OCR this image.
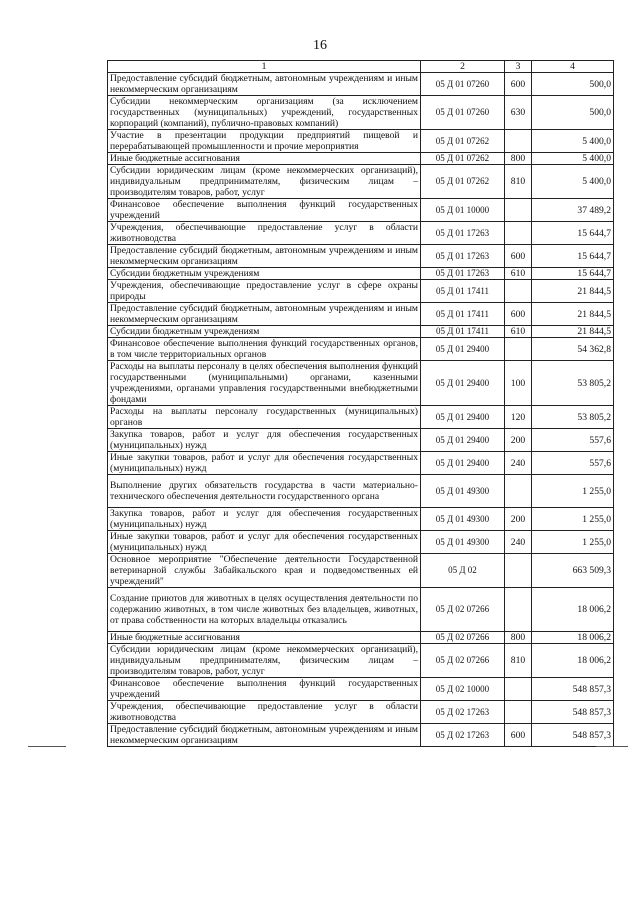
16
1	2	3	4
Предоставление субсидий бюджетным, автономным учреждениям и иным некоммерческим организациям	05 Д 01 07260	600	500,0
Субсидии некоммерческим организациям (за исключением государственных (муниципальных) учреждений, государственных корпораций (компаний), публично-правовых компаний)	05 Д 01 07260	630	500,0
Участие в презентации продукции предприятий пищевой и перерабатывающей промышленности и прочие мероприятия	05 Д 01 07262		5 400,0
Иные бюджетные ассигнования	05 Д 01 07262	800	5 400,0
Субсидии юридическим лицам (кроме некоммерческих организаций), индивидуальным предпринимателям, физическим лицам – производителям товаров, работ, услуг	05 Д 01 07262	810	5 400,0
Финансовое обеспечение выполнения функций государственных учреждений	05 Д 01 10000		37 489,2
Учреждения, обеспечивающие предоставление услуг в области животноводства	05 Д 01 17263		15 644,7
Предоставление субсидий бюджетным, автономным учреждениям и иным некоммерческим организациям	05 Д 01 17263	600	15 644,7
Субсидии бюджетным учреждениям	05 Д 01 17263	610	15 644,7
Учреждения, обеспечивающие предоставление услуг в сфере охраны природы	05 Д 01 17411		21 844,5
Предоставление субсидий бюджетным, автономным учреждениям и иным некоммерческим организациям	05 Д 01 17411	600	21 844,5
Субсидии бюджетным учреждениям	05 Д 01 17411	610	21 844,5
Финансовое обеспечение выполнения функций государственных органов, в том числе территориальных органов	05 Д 01 29400		54 362,8
Расходы на выплаты персоналу в целях обеспечения выполнения функций государственными (муниципальными) органами, казенными учреждениями, органами управления государственными внебюджетными фондами	05 Д 01 29400	100	53 805,2
Расходы на выплаты персоналу государственных (муниципальных) органов	05 Д 01 29400	120	53 805,2
Закупка товаров, работ и услуг для обеспечения государственных (муниципальных) нужд	05 Д 01 29400	200	557,6
Иные закупки товаров, работ и услуг для обеспечения государственных (муниципальных) нужд	05 Д 01 29400	240	557,6
Выполнение других обязательств государства в части материально-технического обеспечения деятельности государственного органа	05 Д 01 49300		1 255,0
Закупка товаров, работ и услуг для обеспечения государственных (муниципальных) нужд	05 Д 01 49300	200	1 255,0
Иные закупки товаров, работ и услуг для обеспечения государственных (муниципальных) нужд	05 Д 01 49300	240	1 255,0
Основное мероприятие "Обеспечение деятельности Государственной ветеринарной службы Забайкальского края и подведомственных ей учреждений"	05 Д 02		663 509,3
Создание приютов для животных в целях осуществления деятельности по содержанию животных, в том числе животных без владельцев, животных, от права собственности на которых владельцы отказались	05 Д 02 07266		18 006,2
Иные бюджетные ассигнования	05 Д 02 07266	800	18 006,2
Субсидии юридическим лицам (кроме некоммерческих организаций), индивидуальным предпринимателям, физическим лицам – производителям товаров, работ, услуг	05 Д 02 07266	810	18 006,2
Финансовое обеспечение выполнения функций государственных учреждений	05 Д 02 10000		548 857,3
Учреждения, обеспечивающие предоставление услуг в области животноводства	05 Д 02 17263		548 857,3
Предоставление субсидий бюджетным, автономным учреждениям и иным некоммерческим организациям	05 Д 02 17263	600	548 857,3
